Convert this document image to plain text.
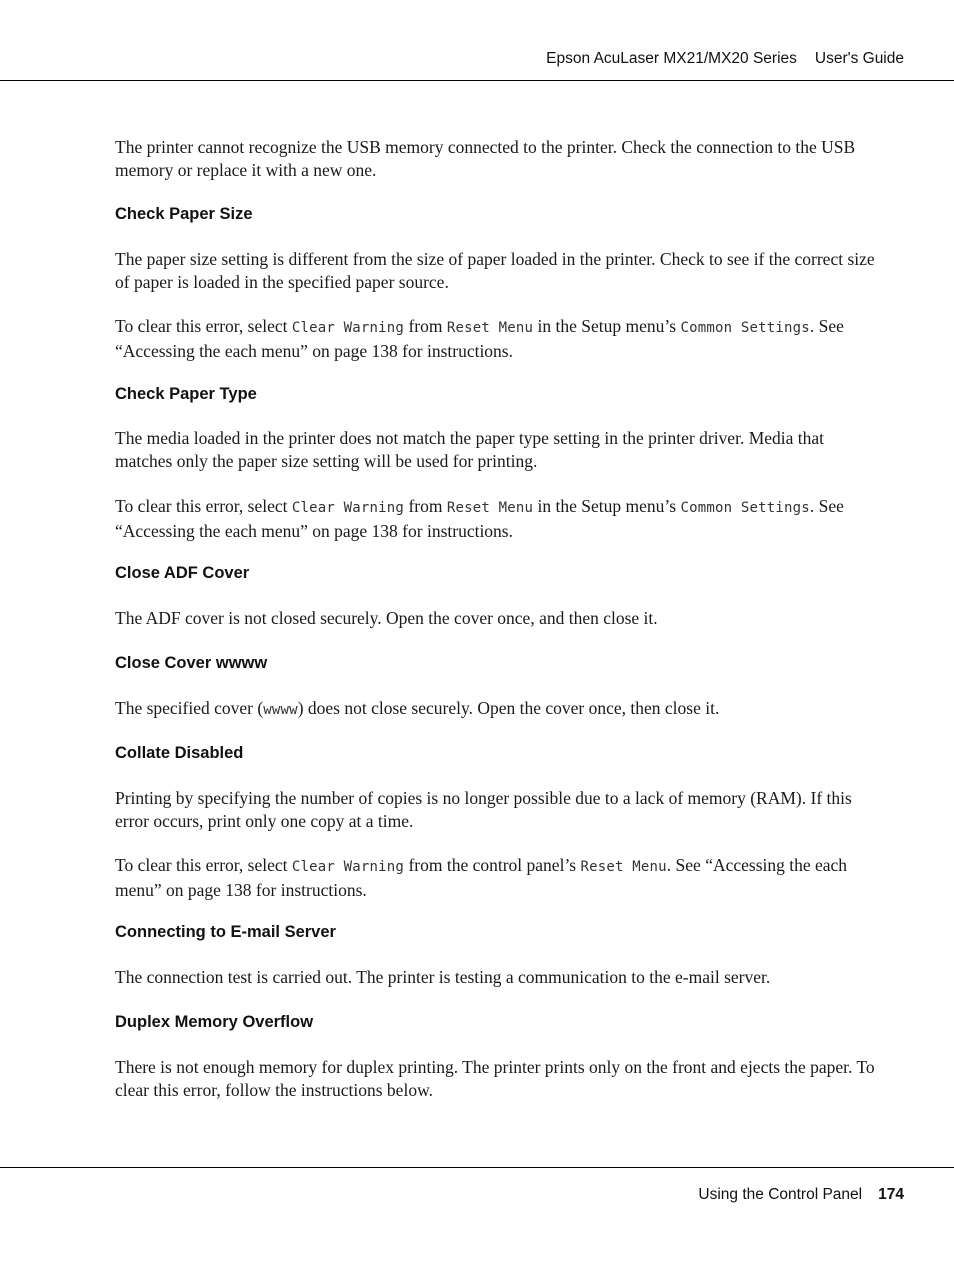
Epson AcuLaser MX21/MX20 Series User's Guide

The printer cannot recognize the USB memory connected to the printer. Check the connection to the USB memory or replace it with a new one.

Check Paper Size

The paper size setting is different from the size of paper loaded in the printer. Check to see if the correct size of paper is loaded in the specified paper source.

To clear this error, select Clear Warning from Reset Menu in the Setup menu’s Common Settings. See “Accessing the each menu” on page 138 for instructions.

Check Paper Type

The media loaded in the printer does not match the paper type setting in the printer driver. Media that matches only the paper size setting will be used for printing.

To clear this error, select Clear Warning from Reset Menu in the Setup menu’s Common Settings. See “Accessing the each menu” on page 138 for instructions.

Close ADF Cover

The ADF cover is not closed securely. Open the cover once, and then close it.

Close Cover wwww

The specified cover (wwww) does not close securely. Open the cover once, then close it.

Collate Disabled

Printing by specifying the number of copies is no longer possible due to a lack of memory (RAM). If this error occurs, print only one copy at a time.

To clear this error, select Clear Warning from the control panel’s Reset Menu. See “Accessing the each menu” on page 138 for instructions.

Connecting to E-mail Server

The connection test is carried out. The printer is testing a communication to the e-mail server.

Duplex Memory Overflow

There is not enough memory for duplex printing. The printer prints only on the front and ejects the paper. To clear this error, follow the instructions below.

Using the Control Panel 174
